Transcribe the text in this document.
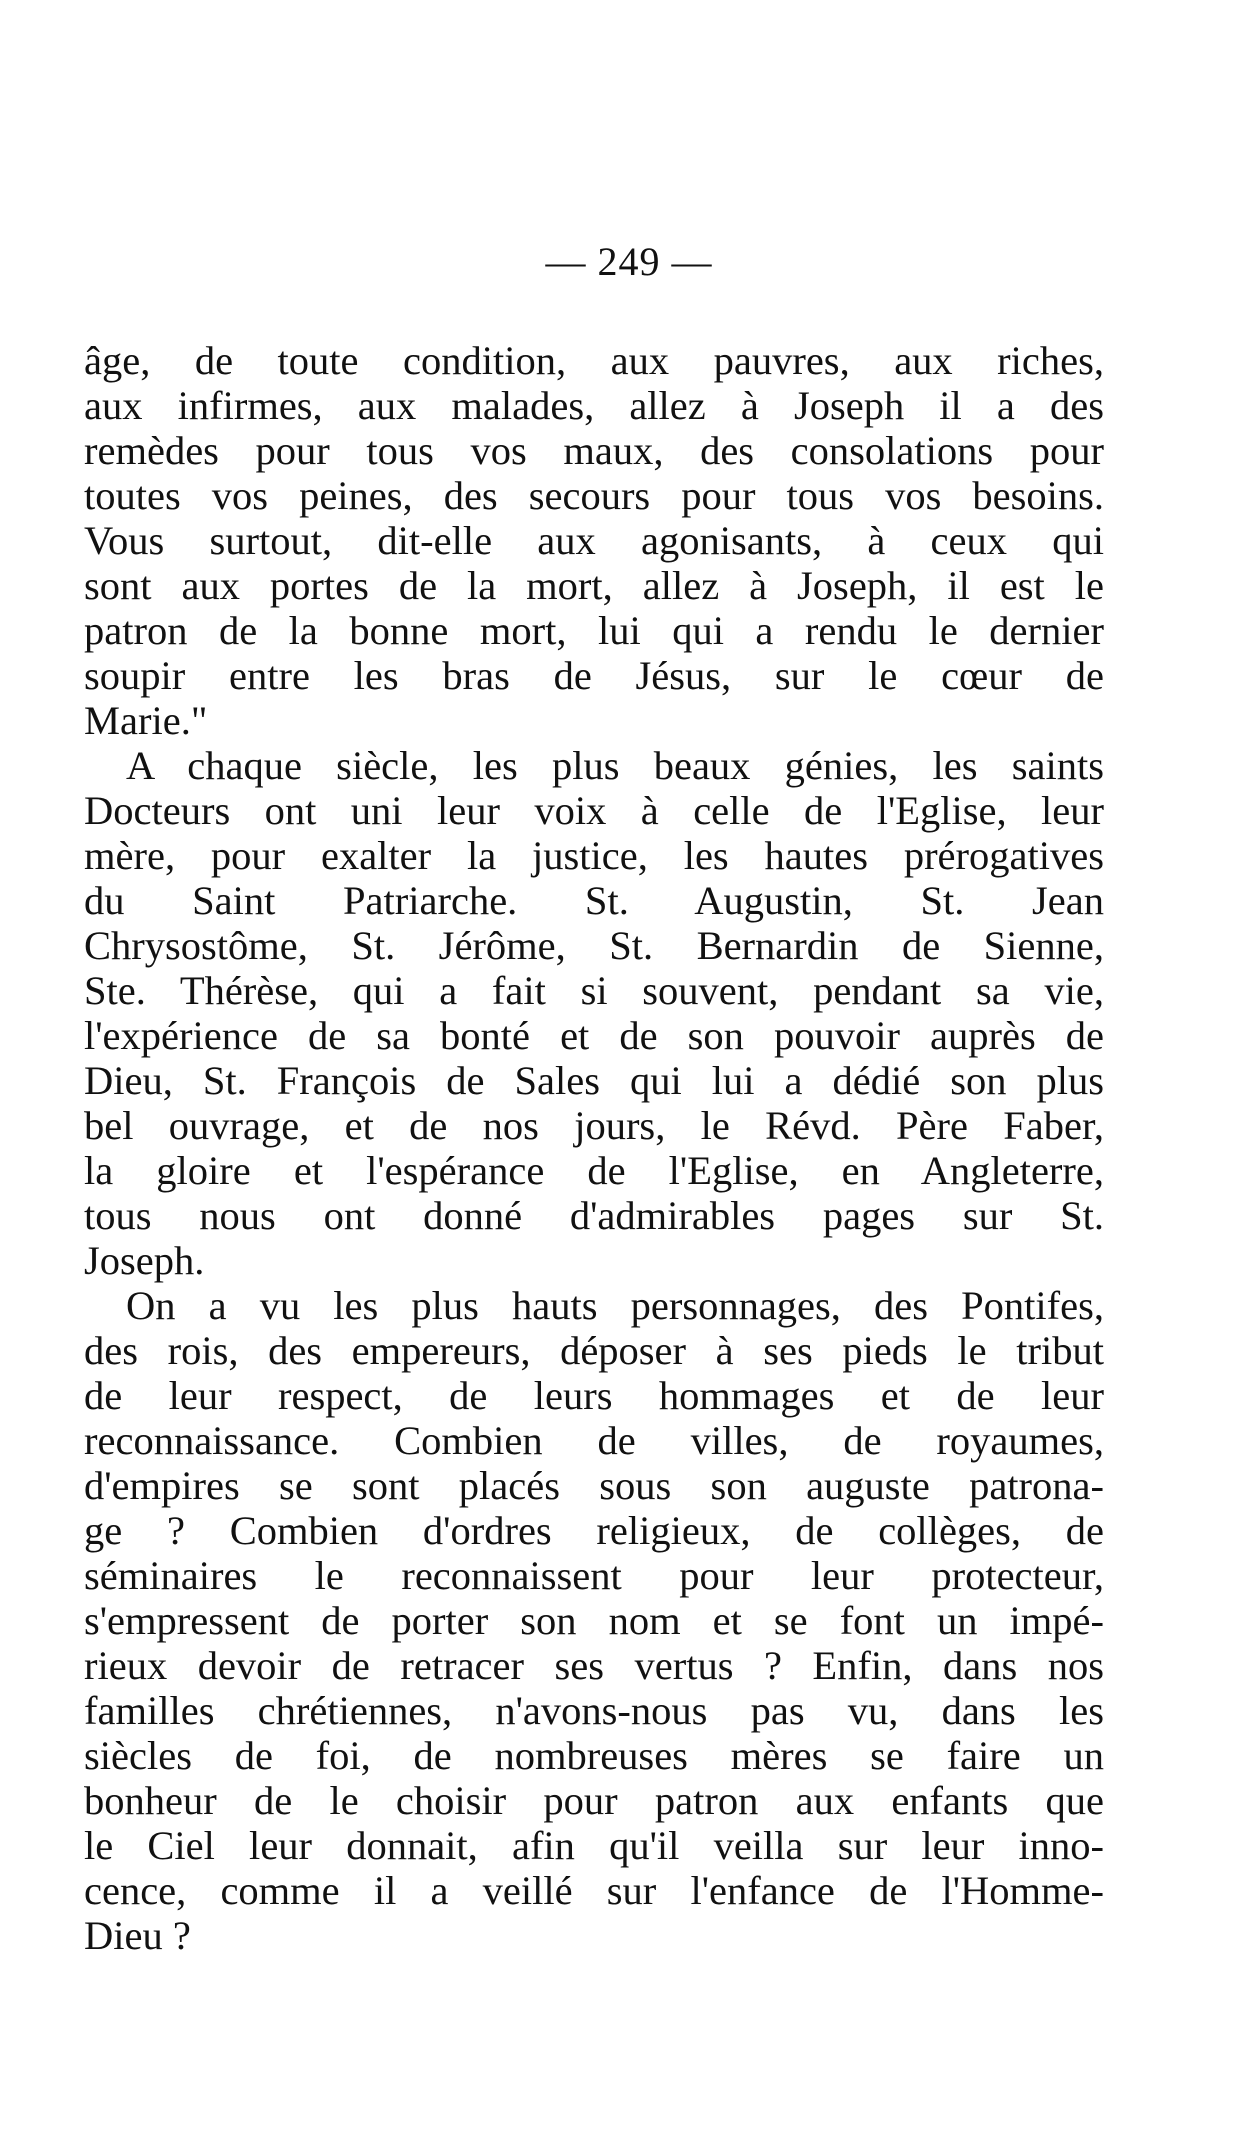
— 249 —
âge, de toute condition, aux pauvres, aux riches,
aux infirmes, aux malades, allez à Joseph il a des
remèdes pour tous vos maux, des consolations pour
toutes vos peines, des secours pour tous vos besoins.
Vous surtout, dit-elle aux agonisants, à ceux qui
sont aux portes de la mort, allez à Joseph, il est le
patron de la bonne mort, lui qui a rendu le dernier
soupir entre les bras de Jésus, sur le cœur de
Marie."
A chaque siècle, les plus beaux génies, les saints
Docteurs ont uni leur voix à celle de l'Eglise, leur
mère, pour exalter la justice, les hautes prérogatives
du Saint Patriarche. St. Augustin, St. Jean
Chrysostôme, St. Jérôme, St. Bernardin de Sienne,
Ste. Thérèse, qui a fait si souvent, pendant sa vie,
l'expérience de sa bonté et de son pouvoir auprès de
Dieu, St. François de Sales qui lui a dédié son plus
bel ouvrage, et de nos jours, le Révd. Père Faber,
la gloire et l'espérance de l'Eglise, en Angleterre,
tous nous ont donné d'admirables pages sur St.
Joseph.
On a vu les plus hauts personnages, des Pontifes,
des rois, des empereurs, déposer à ses pieds le tribut
de leur respect, de leurs hommages et de leur
reconnaissance. Combien de villes, de royaumes,
d'empires se sont placés sous son auguste patrona-
ge ? Combien d'ordres religieux, de collèges, de
séminaires le reconnaissent pour leur protecteur,
s'empressent de porter son nom et se font un impé-
rieux devoir de retracer ses vertus ? Enfin, dans nos
familles chrétiennes, n'avons-nous pas vu, dans les
siècles de foi, de nombreuses mères se faire un
bonheur de le choisir pour patron aux enfants que
le Ciel leur donnait, afin qu'il veilla sur leur inno-
cence, comme il a veillé sur l'enfance de l'Homme-
Dieu ?
